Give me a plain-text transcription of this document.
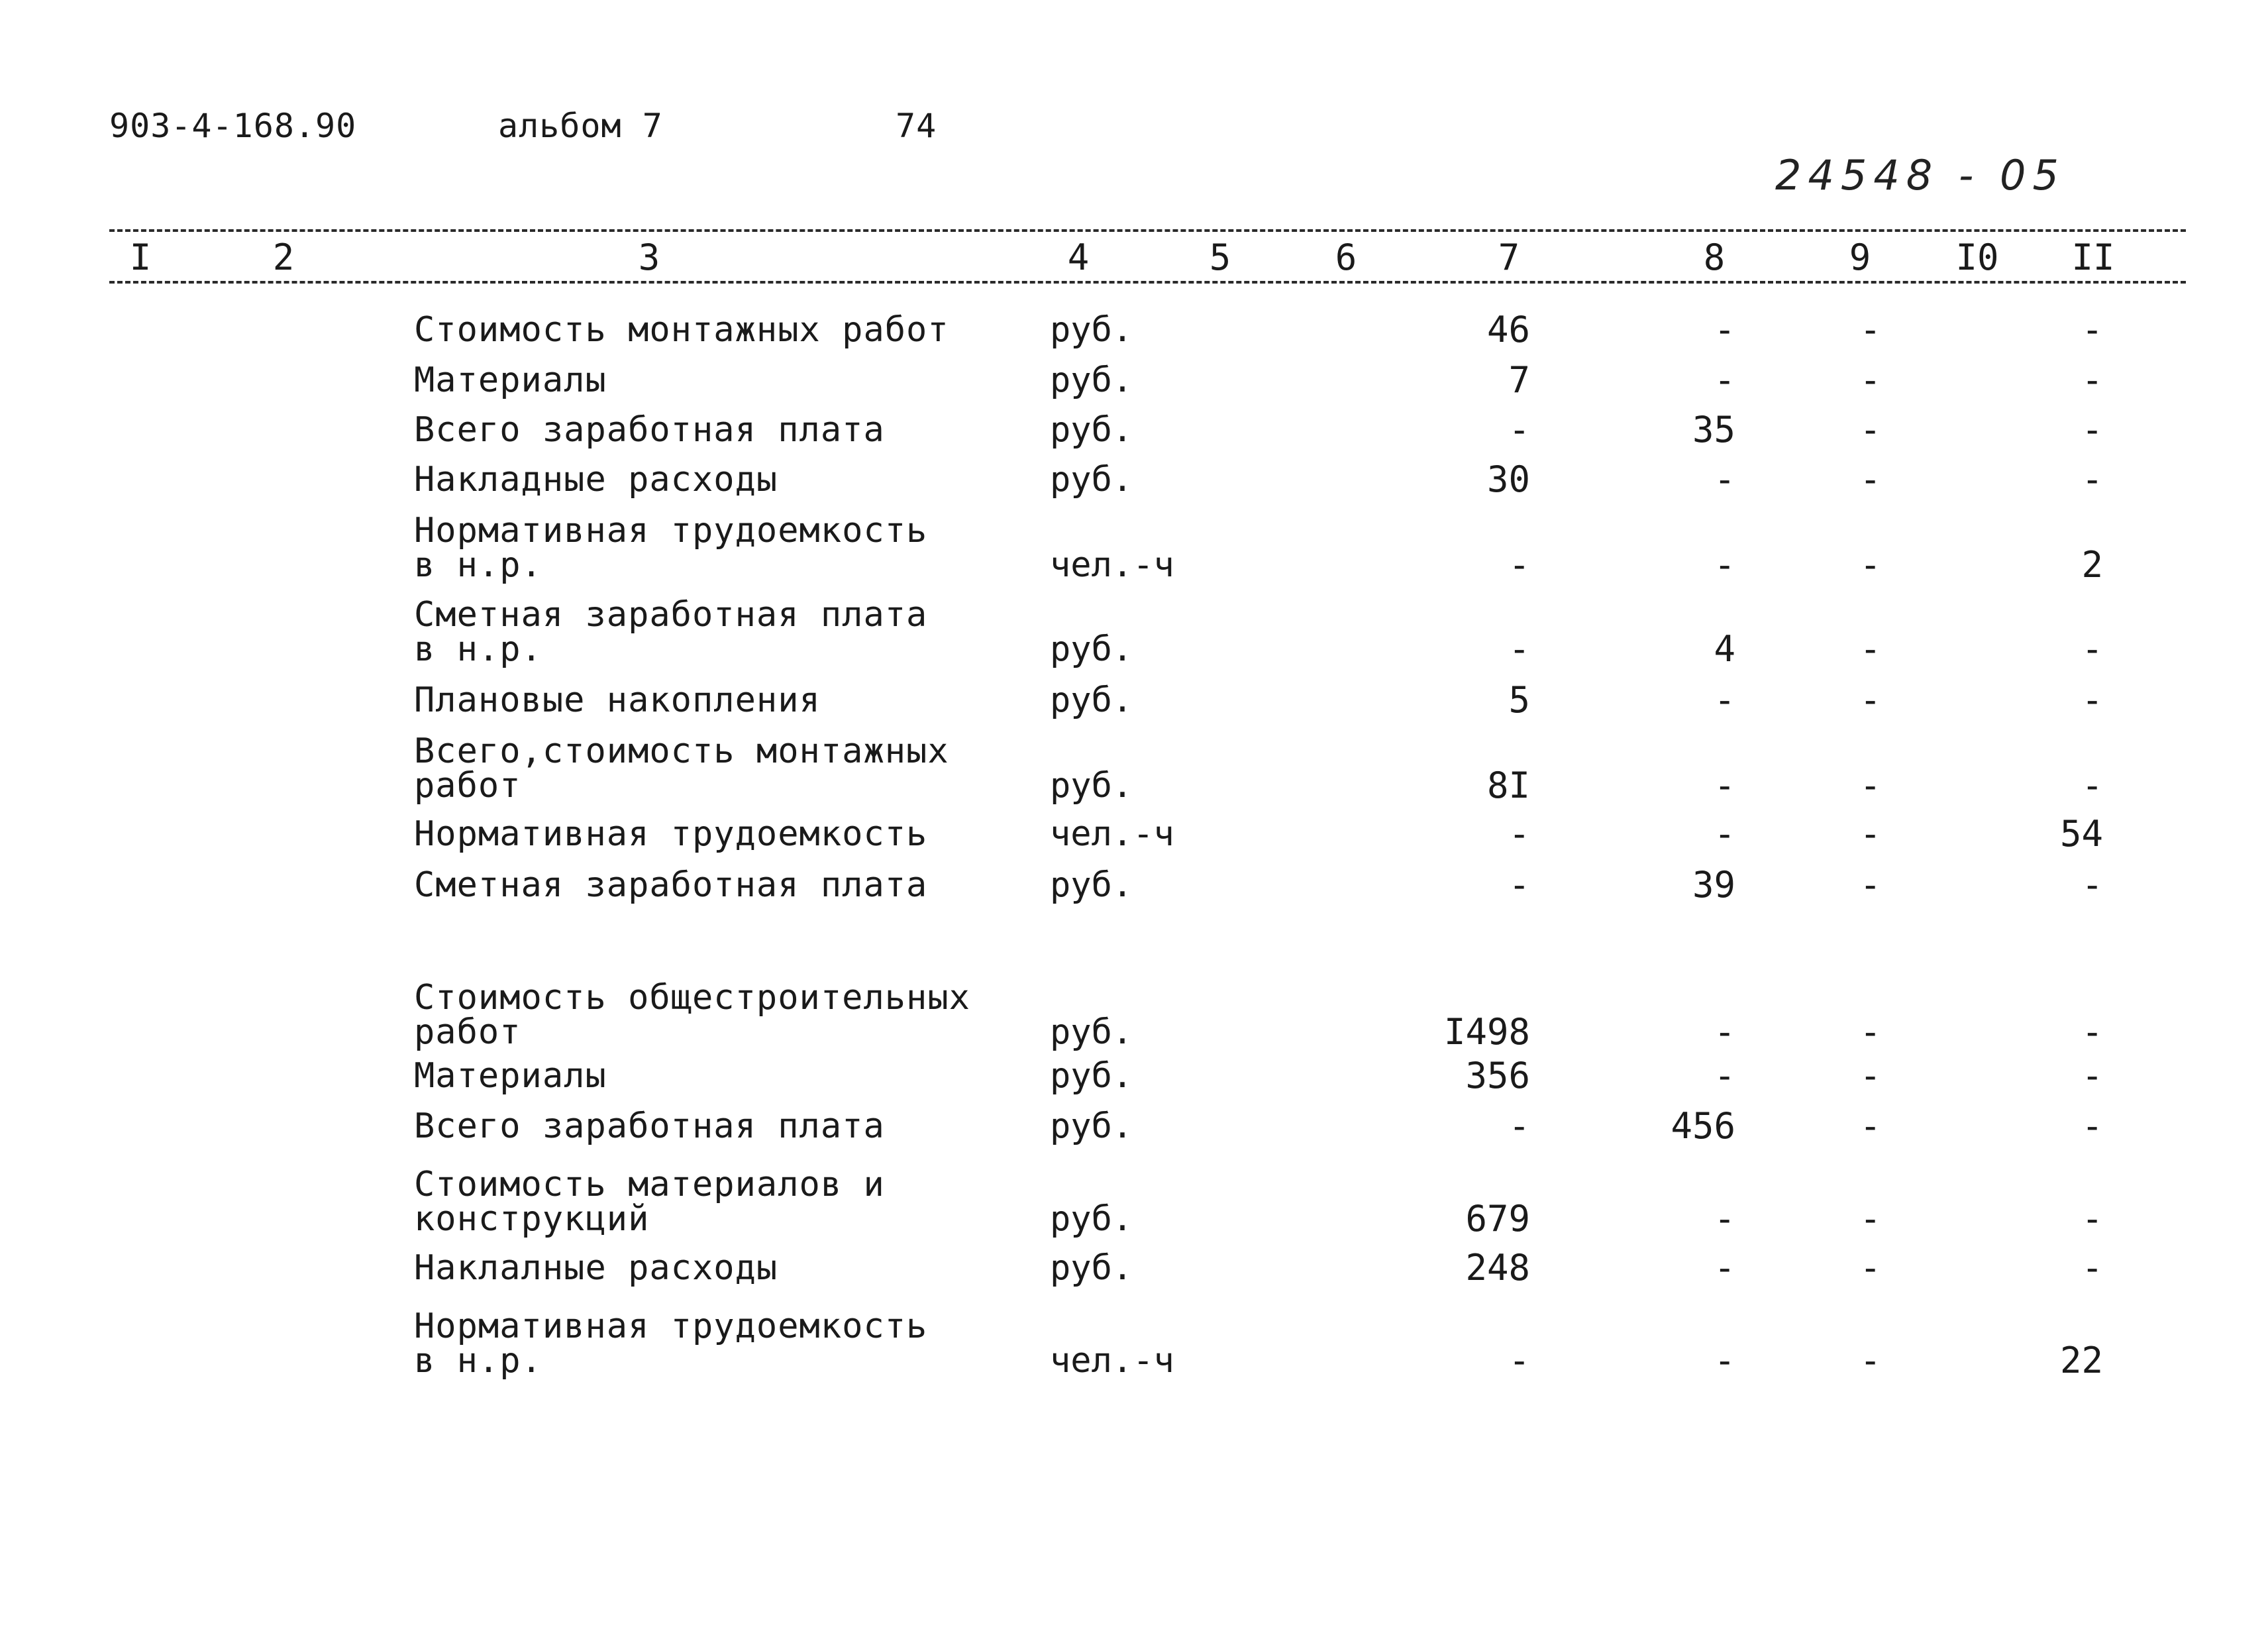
903-4-168.90	альбом 7	74
24548 - 05
I	2	3	4	5	6	7	8	9	I0 II
Стоимость монтажных работ	руб.	46	-	-	-
Материалы	руб.	7	-	-	-
Всего заработная плата	руб.	-	35	-	-
Накладные расходы	руб.	30	-	-	-
Нормативная трудоемкость
в н.р.	чел.-ч	-	-	-	2
Сметная заработная плата
в н.р.	руб.	-	4	-	-
Плановые накопления	руб.	5	-	-	-
Всего,стоимость монтажных
работ	руб.	8I	-	-	-
Нормативная трудоемкость	чел.-ч	-	-	-	54
Сметная заработная плата	руб.	-	39	-	-
Стоимость общестроительных
работ	руб.	I498	-	-	-
Материалы	руб.	356	-	-	-
Всего заработная плата	руб.	-	456	-	-
Стоимость материалов и
конструкций	руб.	679	-	-	-
Наклалные расходы	руб.	248	-	-	-
Нормативная трудоемкость
в н.р.	чел.-ч	-	-	-	22
